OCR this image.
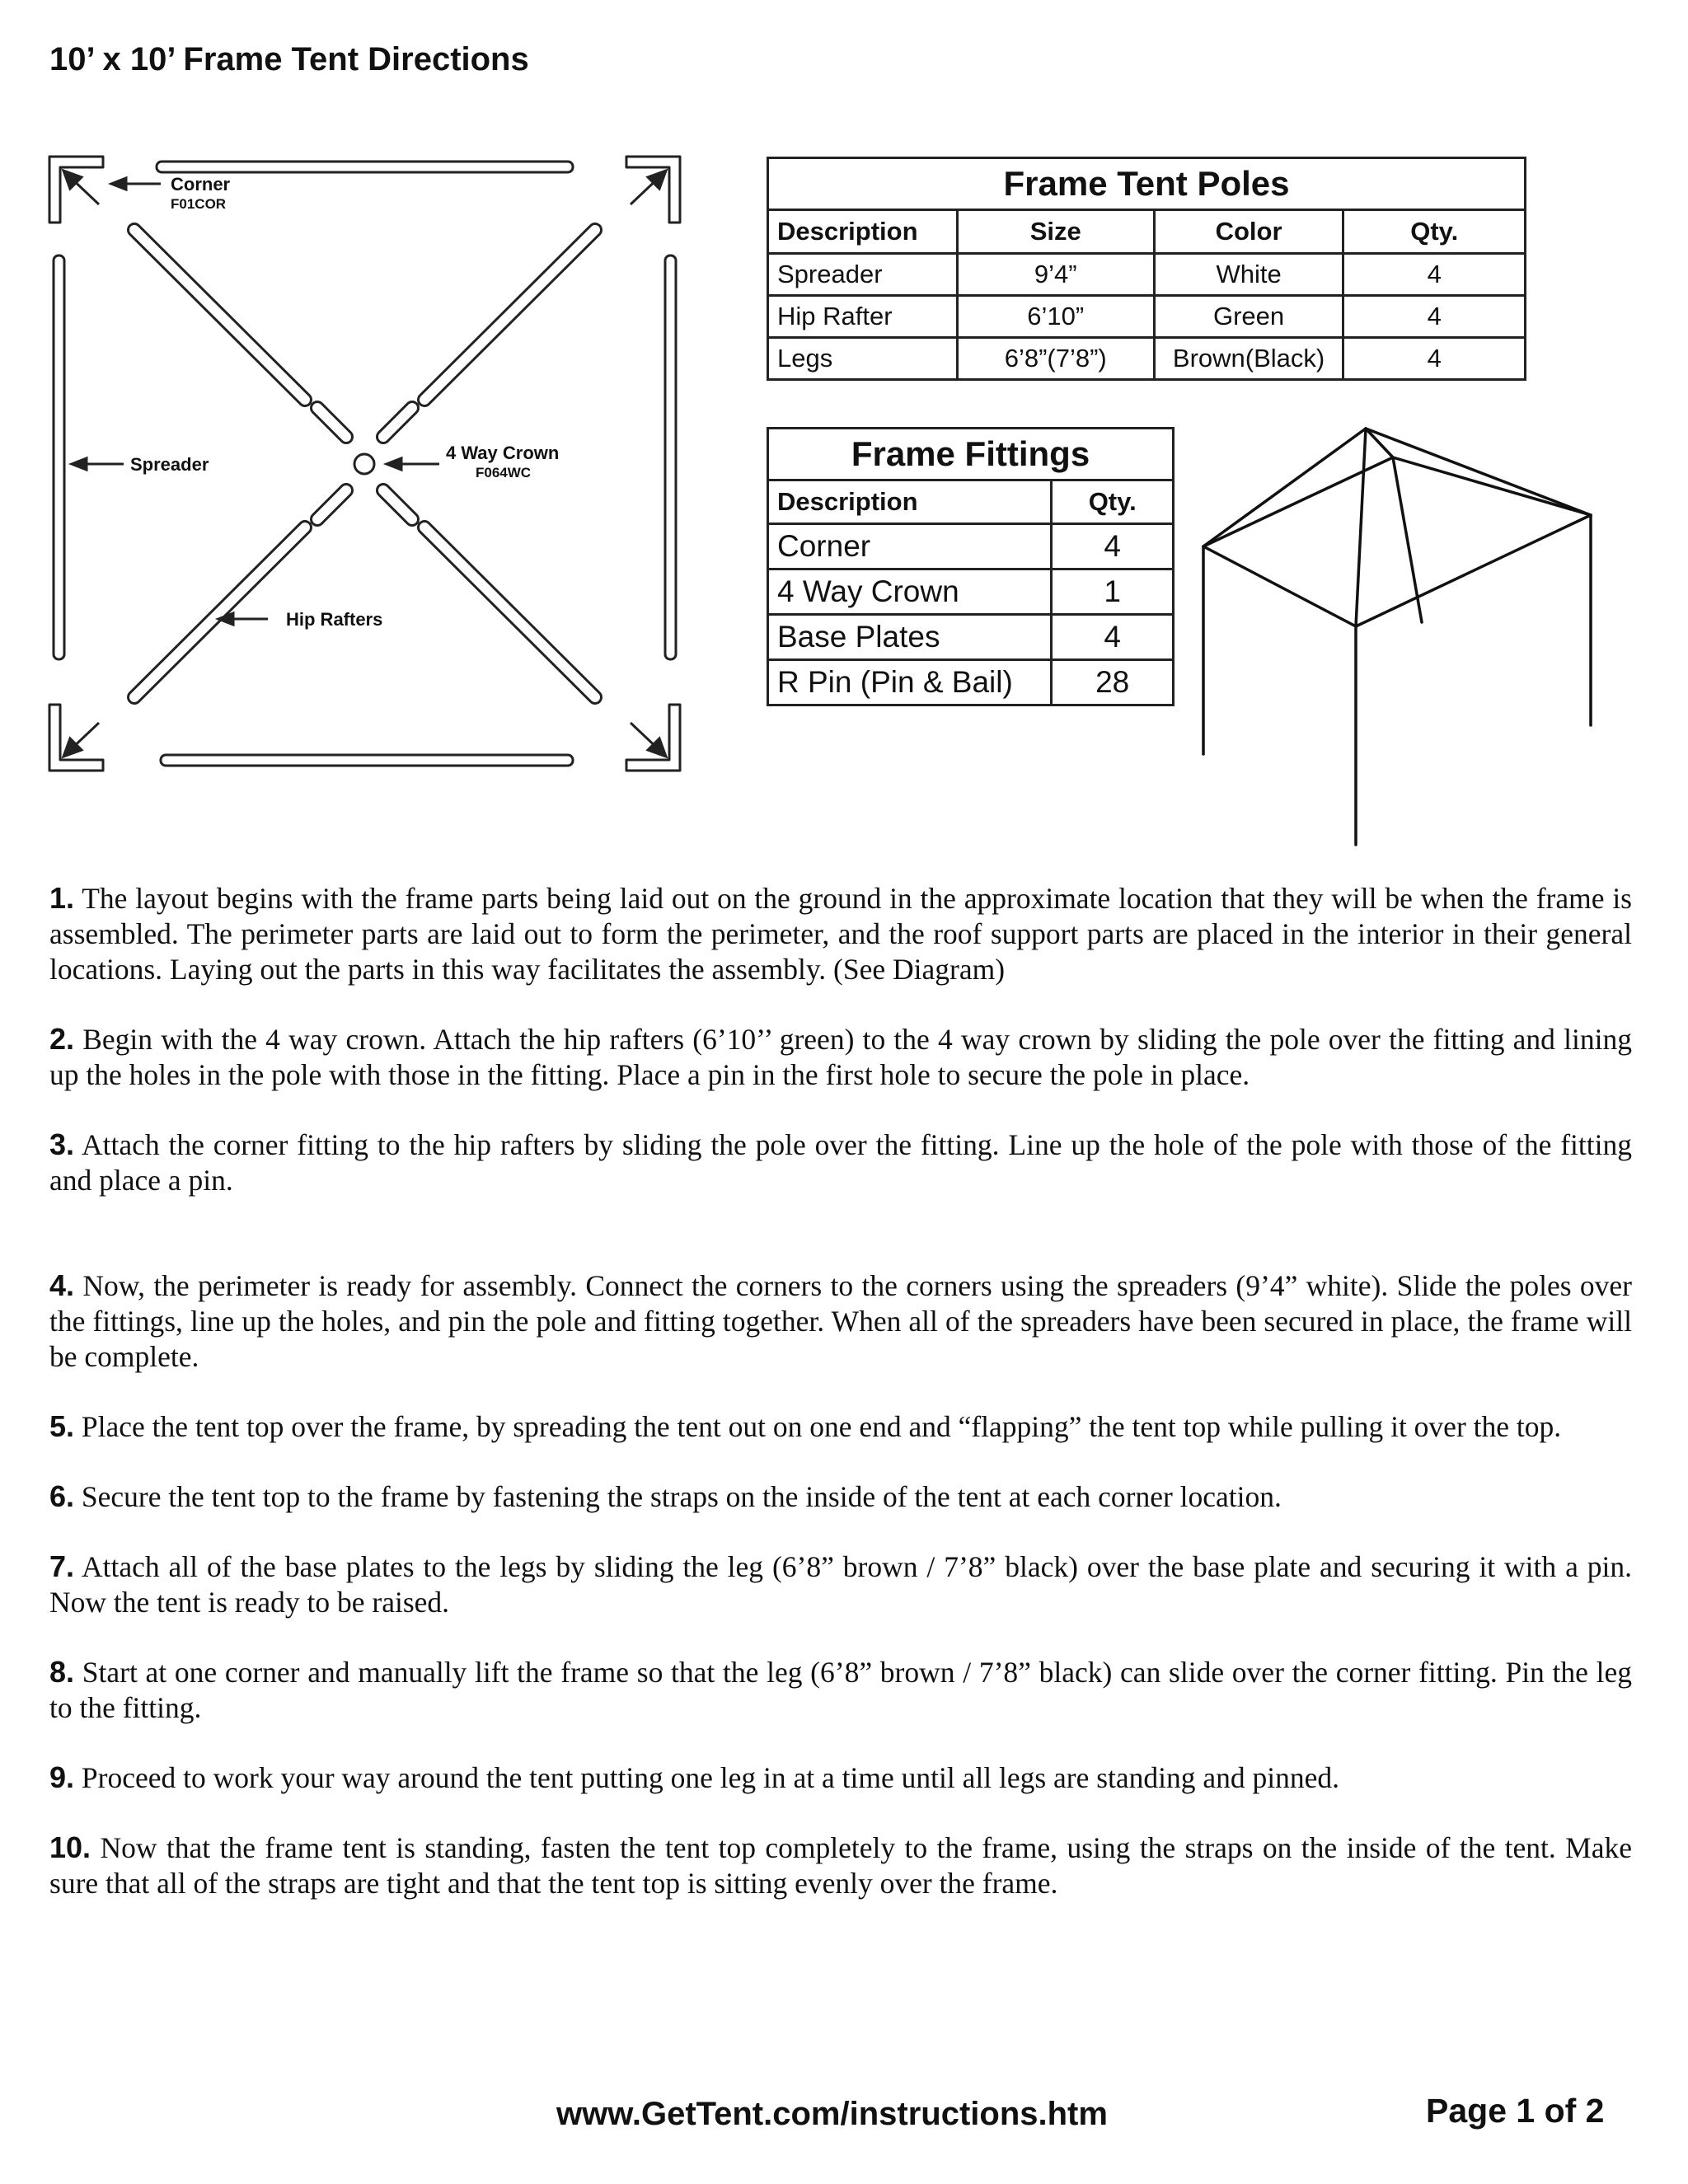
10’ x 10’ Frame Tent Directions
Corner
F01COR
Spreader
4 Way Crown
F064WC
Hip Rafters
Frame Tent Poles			
Description	Size	Color	Qty.
Spreader	9’4”	White	4
Hip Rafter	6’10”	Green	4
Legs	6’8”(7’8”)	Brown(Black)	4
Frame Fittings	
Description	Qty.
Corner	4
4 Way Crown	1
Base Plates	4
R Pin (Pin & Bail)	28

1. The layout begins with the frame parts being laid out on the ground in the approximate location that they will be when the frame is assembled. The perimeter parts are laid out to form the perimeter, and the roof support parts are placed in the interior in their general locations. Laying out the parts in this way facilitates the assembly. (See Diagram)

2. Begin with the 4 way crown. Attach the hip rafters (6’10’’ green) to the 4 way crown by sliding the pole over the fitting and lining up the holes in the pole with those in the fitting. Place a pin in the first hole to secure the pole in place.

3. Attach the corner fitting to the hip rafters by sliding the pole over the fitting. Line up the hole of the pole with those of the fitting and place a pin.

4. Now, the perimeter is ready for assembly. Connect the corners to the corners using the spreaders (9’4” white). Slide the poles over the fittings, line up the holes, and pin the pole and fitting together. When all of the spreaders have been secured in place, the frame will be complete.

5. Place the tent top over the frame, by spreading the tent out on one end and “flapping” the tent top while pulling it over the top.

6. Secure the tent top to the frame by fastening the straps on the inside of the tent at each corner location.

7. Attach all of the base plates to the legs by sliding the leg (6’8” brown / 7’8” black) over the base plate and securing it with a pin. Now the tent is ready to be raised.

8. Start at one corner and manually lift the frame so that the leg (6’8” brown / 7’8” black) can slide over the corner fitting. Pin the leg to the fitting.

9. Proceed to work your way around the tent putting one leg in at a time until all legs are standing and pinned.

10. Now that the frame tent is standing, fasten the tent top completely to the frame, using the straps on the inside of the tent. Make sure that all of the straps are tight and that the tent top is sitting evenly over the frame.

www.GetTent.com/instructions.htm	Page 1 of 2
